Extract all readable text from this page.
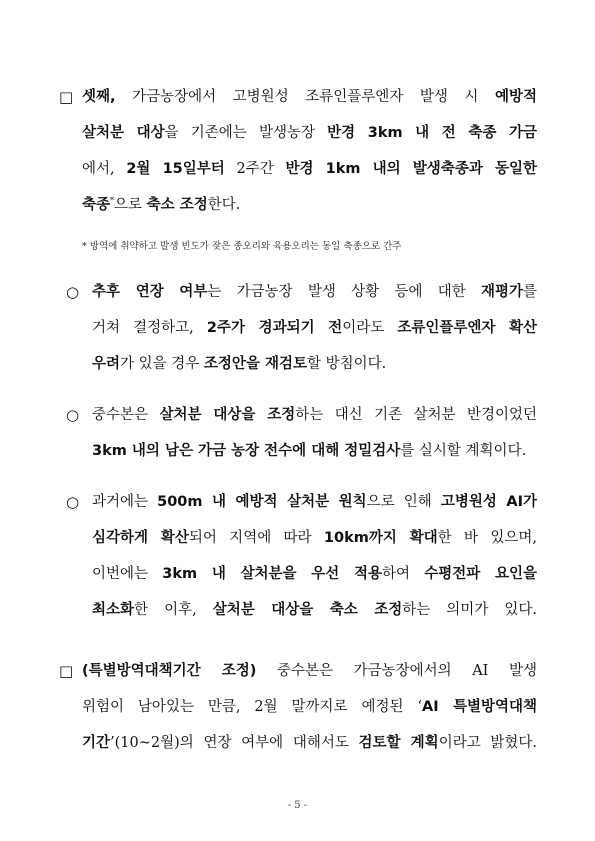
□ 셋째, 가금농장에서 고병원성 조류인플루엔자 발생 시 예방적
살처분 대상을 기존에는 발생농장 반경 3km 내 전 축종 가금
에서, 2월 15일부터 2주간 반경 1km 내의 발생축종과 동일한
축종*으로 축소 조정한다.
* 방역에 취약하고 발생 빈도가 잦은 종오리와 육용오리는 동일 축종으로 간주
○ 추후 연장 여부는 가금농장 발생 상황 등에 대한 재평가를
거쳐 결정하고, 2주가 경과되기 전이라도 조류인플루엔자 확산
우려가 있을 경우 조정안을 재검토할 방침이다.
○ 중수본은 살처분 대상을 조정하는 대신 기존 살처분 반경이었던
3km 내의 남은 가금 농장 전수에 대해 정밀검사를 실시할 계획이다.
○ 과거에는 500m 내 예방적 살처분 원칙으로 인해 고병원성 AI가
심각하게 확산되어 지역에 따라 10km까지 확대한 바 있으며,
이번에는 3km 내 살처분을 우선 적용하여 수평전파 요인을
최소화한 이후, 살처분 대상을 축소 조정하는 의미가 있다.
□ (특별방역대책기간 조정) 중수본은 가금농장에서의 AI 발생
위험이 남아있는 만큼, 2월 말까지로 예정된 ‘AI 특별방역대책
기간’(10~2월)의 연장 여부에 대해서도 검토할 계획이라고 밝혔다.
- 5 -
